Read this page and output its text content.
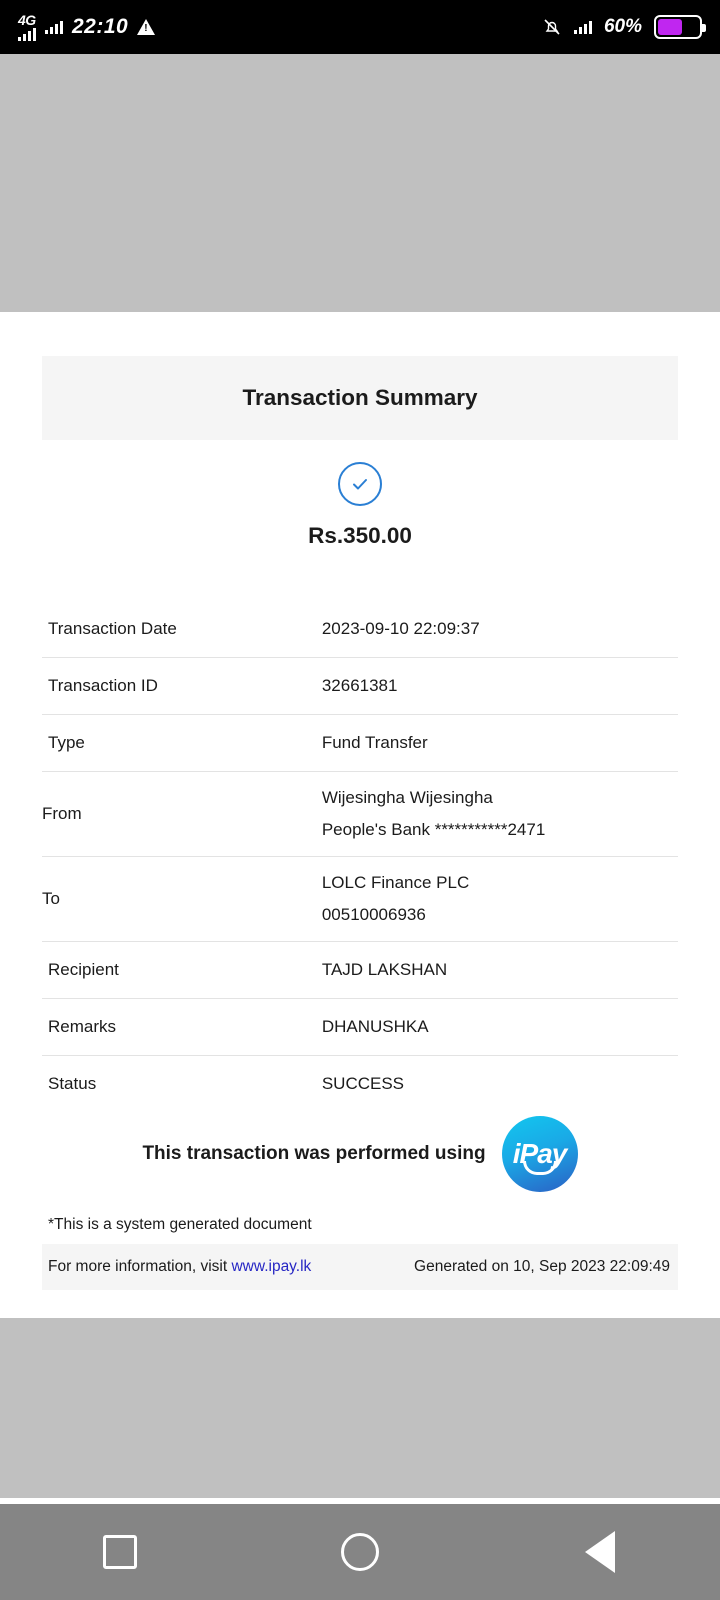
4G 22:10 !	60%
Transaction Summary
Rs.350.00
Transaction Date	2023-09-10 22:09:37

Transaction ID	32661381

Type	Fund Transfer

From	Wijesingha Wijesingha
People's Bank ***********2471

To	LOLC Finance PLC
00510006936

Recipient	TAJD LAKSHAN

Remarks	DHANUSHKA

Status	SUCCESS
This transaction was performed using iPay
*This is a system generated document
For more information, visit www.ipay.lk	Generated on 10, Sep 2023 22:09:49
